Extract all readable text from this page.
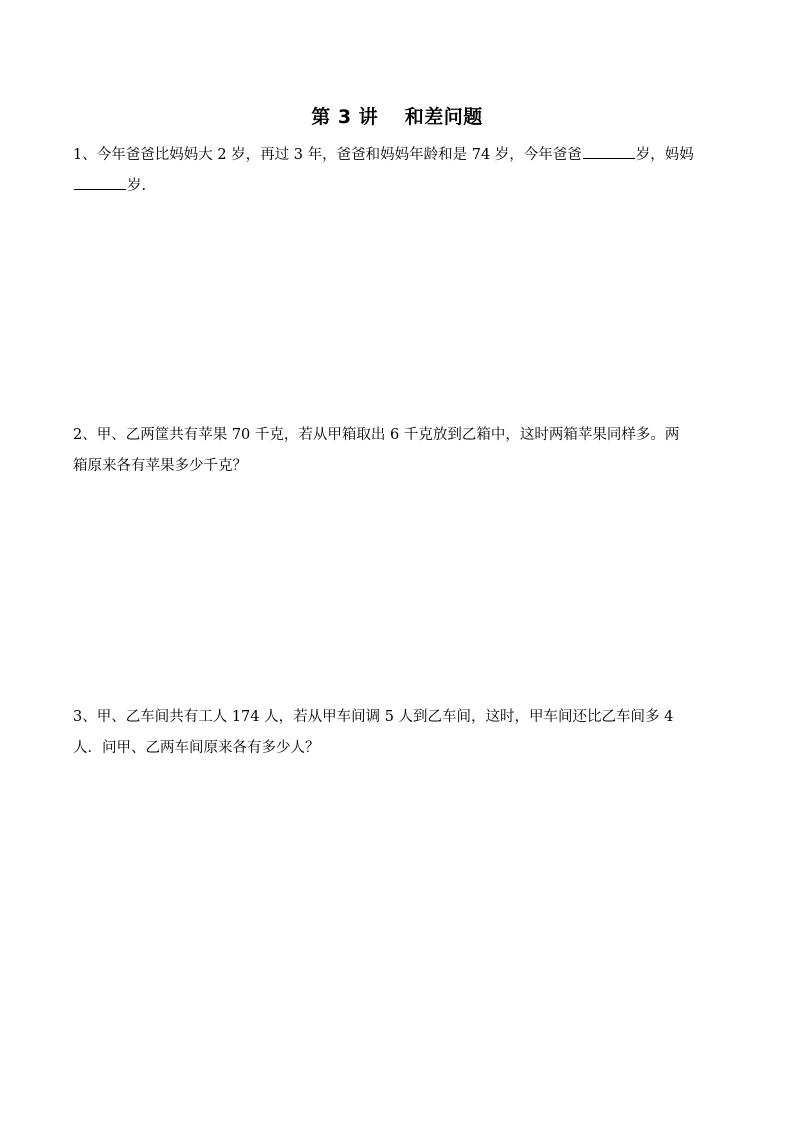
第 3 讲　 和差问题
1、今年爸爸比妈妈大 2 岁，再过 3 年，爸爸和妈妈年龄和是 74 岁，今年爸爸	岁，妈妈
岁.
2、甲、乙两筐共有苹果 70 千克，若从甲箱取出 6 千克放到乙箱中，这时两箱苹果同样多。两
箱原来各有苹果多少千克？
3、甲、乙车间共有工人 174 人，若从甲车间调 5 人到乙车间，这时，甲车间还比乙车间多 4
人．问甲、乙两车间原来各有多少人？
